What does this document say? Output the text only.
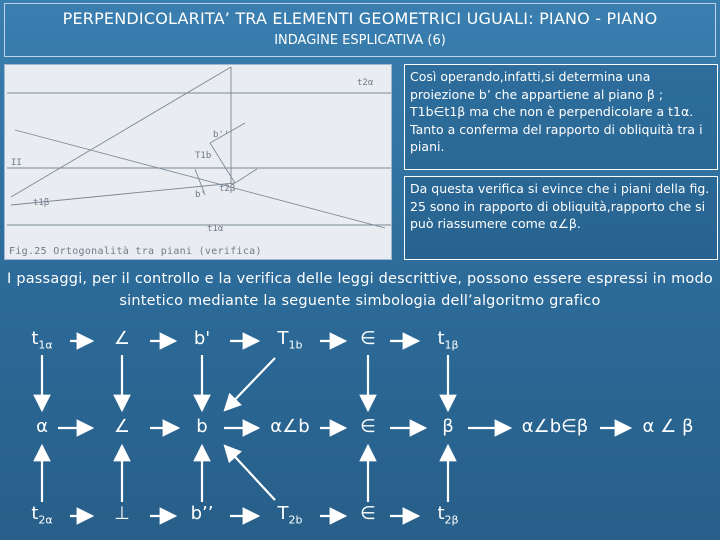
PERPENDICOLARITA’ TRA ELEMENTI GEOMETRICI UGUALI: PIANO - PIANO
INDAGINE ESPLICATIVA (6)
t2α
II
t1β
T1b
b'
t2β
t1α
b''
Fig.25 Ortogonalità tra piani (verifica)
Così operando,infatti,si determina una proiezione b’ che appartiene al piano β ; T1b∈t1β ma che non è perpendicolare a t1α. Tanto a conferma del rapporto di obliquità tra i piani.
Da questa verifica si evince che i piani della fig. 25 sono in rapporto di obliquità,rapporto che si può riassumere come α∠β.
I passaggi, per il controllo e la verifica delle leggi descrittive, possono essere espressi in modo sintetico mediante la seguente simbologia dell’algoritmo grafico
$t_{1\alpha}$	∠	b'	$T_{1b}$	∈	$t_{1\beta}$
α	∠	b	α∠b	∈	β	α∠b∈β	α ∠ β
$t_{2\alpha}$	⊥	b’’	$T_{2b}$	∈	$t_{2\beta}$
